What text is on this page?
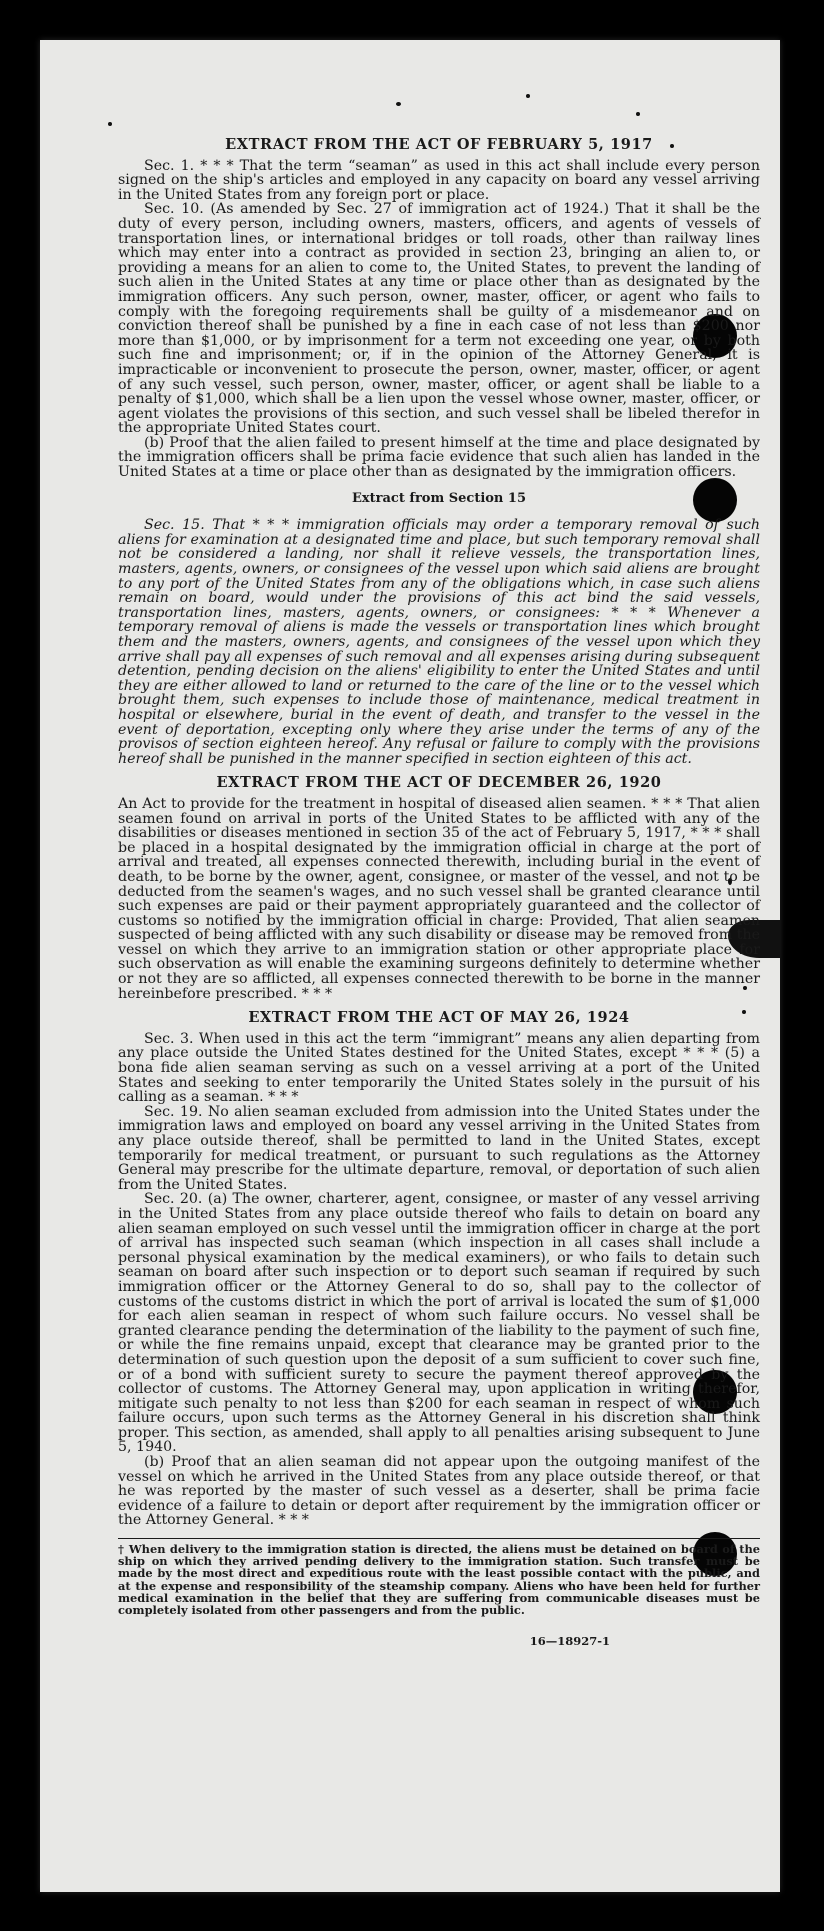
EXTRACT FROM THE ACT OF FEBRUARY 5, 1917

Sec. 1. * * * That the term “seaman” as used in this act shall include every person signed on the ship's articles and employed in any capacity on board any vessel arriving in the United States from any foreign port or place.

Sec. 10. (As amended by Sec. 27 of immigration act of 1924.) That it shall be the duty of every person, including owners, masters, officers, and agents of vessels of transportation lines, or international bridges or toll roads, other than railway lines which may enter into a contract as provided in section 23, bringing an alien to, or providing a means for an alien to come to, the United States, to prevent the landing of such alien in the United States at any time or place other than as designated by the immigration officers. Any such person, owner, master, officer, or agent who fails to comply with the foregoing requirements shall be guilty of a misdemeanor and on conviction thereof shall be punished by a fine in each case of not less than $200 nor more than $1,000, or by imprisonment for a term not exceeding one year, or by both such fine and imprisonment; or, if in the opinion of the Attorney General, it is impracticable or inconvenient to prosecute the person, owner, master, officer, or agent of any such vessel, such person, owner, master, officer, or agent shall be liable to a penalty of $1,000, which shall be a lien upon the vessel whose owner, master, officer, or agent violates the provisions of this section, and such vessel shall be libeled therefor in the appropriate United States court.

(b) Proof that the alien failed to present himself at the time and place designated by the immigration officers shall be prima facie evidence that such alien has landed in the United States at a time or place other than as designated by the immigration officers.

Extract from Section 15

Sec. 15. That * * * immigration officials may order a temporary removal of such aliens for examination at a designated time and place, but such temporary removal shall not be considered a landing, nor shall it relieve vessels, the transportation lines, masters, agents, owners, or consignees of the vessel upon which said aliens are brought to any port of the United States from any of the obligations which, in case such aliens remain on board, would under the provisions of this act bind the said vessels, transportation lines, masters, agents, owners, or consignees: * * * Whenever a temporary removal of aliens is made the vessels or transportation lines which brought them and the masters, owners, agents, and consignees of the vessel upon which they arrive shall pay all expenses of such removal and all expenses arising during subsequent detention, pending decision on the aliens' eligibility to enter the United States and until they are either allowed to land or returned to the care of the line or to the vessel which brought them, such expenses to include those of maintenance, medical treatment in hospital or elsewhere, burial in the event of death, and transfer to the vessel in the event of deportation, excepting only where they arise under the terms of any of the provisos of section eighteen hereof. Any refusal or failure to comply with the provisions hereof shall be punished in the manner specified in section eighteen of this act.

EXTRACT FROM THE ACT OF DECEMBER 26, 1920

An Act to provide for the treatment in hospital of diseased alien seamen. * * * That alien seamen found on arrival in ports of the United States to be afflicted with any of the disabilities or diseases mentioned in section 35 of the act of February 5, 1917, * * * shall be placed in a hospital designated by the immigration official in charge at the port of arrival and treated, all expenses connected therewith, including burial in the event of death, to be borne by the owner, agent, consignee, or master of the vessel, and not to be deducted from the seamen's wages, and no such vessel shall be granted clearance until such expenses are paid or their payment appropriately guaranteed and the collector of customs so notified by the immigration official in charge: Provided, That alien seamen suspected of being afflicted with any such disability or disease may be removed from the vessel on which they arrive to an immigration station or other appropriate place for such observation as will enable the examining surgeons definitely to determine whether or not they are so afflicted, all expenses connected therewith to be borne in the manner hereinbefore prescribed. * * *

EXTRACT FROM THE ACT OF MAY 26, 1924

Sec. 3. When used in this act the term “immigrant” means any alien departing from any place outside the United States destined for the United States, except * * * (5) a bona fide alien seaman serving as such on a vessel arriving at a port of the United States and seeking to enter temporarily the United States solely in the pursuit of his calling as a seaman. * * *

Sec. 19. No alien seaman excluded from admission into the United States under the immigration laws and employed on board any vessel arriving in the United States from any place outside thereof, shall be permitted to land in the United States, except temporarily for medical treatment, or pursuant to such regulations as the Attorney General may prescribe for the ultimate departure, removal, or deportation of such alien from the United States.

Sec. 20. (a) The owner, charterer, agent, consignee, or master of any vessel arriving in the United States from any place outside thereof who fails to detain on board any alien seaman employed on such vessel until the immigration officer in charge at the port of arrival has inspected such seaman (which inspection in all cases shall include a personal physical examination by the medical examiners), or who fails to detain such seaman on board after such inspection or to deport such seaman if required by such immigration officer or the Attorney General to do so, shall pay to the collector of customs of the customs district in which the port of arrival is located the sum of $1,000 for each alien seaman in respect of whom such failure occurs. No vessel shall be granted clearance pending the determination of the liability to the payment of such fine, or while the fine remains unpaid, except that clearance may be granted prior to the determination of such question upon the deposit of a sum sufficient to cover such fine, or of a bond with sufficient surety to secure the payment thereof approved by the collector of customs. The Attorney General may, upon application in writing therefor, mitigate such penalty to not less than $200 for each seaman in respect of whom such failure occurs, upon such terms as the Attorney General in his discretion shall think proper. This section, as amended, shall apply to all penalties arising subsequent to June 5, 1940.

(b) Proof that an alien seaman did not appear upon the outgoing manifest of the vessel on which he arrived in the United States from any place outside thereof, or that he was reported by the master of such vessel as a deserter, shall be prima facie evidence of a failure to detain or deport after requirement by the immigration officer or the Attorney General. * * *

† When delivery to the immigration station is directed, the aliens must be detained on board of the ship on which they arrived pending delivery to the immigration station. Such transfer must be made by the most direct and expeditious route with the least possible contact with the public, and at the expense and responsibility of the steamship company. Aliens who have been held for further medical examination in the belief that they are suffering from communicable diseases must be completely isolated from other passengers and from the public.
16—18927-1
